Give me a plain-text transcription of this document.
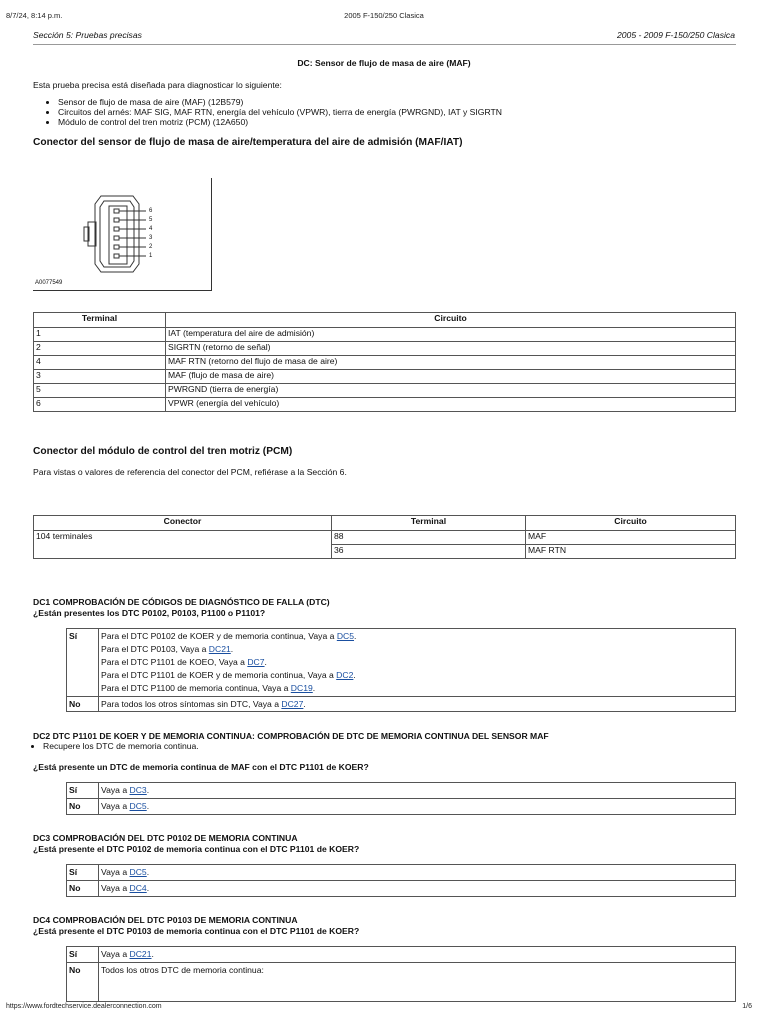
8/7/24, 8:14 p.m.	2005 F-150/250 Clasica
Sección 5: Pruebas precisas	2005 - 2009 F-150/250 Clasica
DC: Sensor de flujo de masa de aire (MAF)
Esta prueba precisa está diseñada para diagnosticar lo siguiente:
• Sensor de flujo de masa de aire (MAF) (12B579)
• Circuitos del arnés: MAF SIG, MAF RTN, energía del vehículo (VPWR), tierra de energía (PWRGND), IAT y SIGRTN
• Módulo de control del tren motriz (PCM) (12A650)
Conector del sensor de flujo de masa de aire/temperatura del aire de admisión (MAF/IAT)
6
5
4
3
2
1
A0077549
Terminal	Circuito
1	IAT (temperatura del aire de admisión)
2	SIGRTN (retorno de señal)
4	MAF RTN (retorno del flujo de masa de aire)
3	MAF (flujo de masa de aire)
5	PWRGND (tierra de energía)
6	VPWR (energía del vehículo)
Conector del módulo de control del tren motriz (PCM)
Para vistas o valores de referencia del conector del PCM, refiérase a la Sección 6.
Conector	Terminal	Circuito
104 terminales	88	MAF
	36	MAF RTN
DC1 COMPROBACIÓN DE CÓDIGOS DE DIAGNÓSTICO DE FALLA (DTC)
¿Están presentes los DTC P0102, P0103, P1100 o P1101?
Sí	Para el DTC P0102 de KOER y de memoria continua, Vaya a DC5.
Para el DTC P0103, Vaya a DC21.
Para el DTC P1101 de KOEO, Vaya a DC7.
Para el DTC P1101 de KOER y de memoria continua, Vaya a DC2.
Para el DTC P1100 de memoria continua, Vaya a DC19.

No	Para todos los otros síntomas sin DTC, Vaya a DC27.
DC2 DTC P1101 DE KOER Y DE MEMORIA CONTINUA: COMPROBACIÓN DE DTC DE MEMORIA CONTINUA DEL SENSOR MAF
• Recupere los DTC de memoria continua.
¿Está presente un DTC de memoria continua de MAF con el DTC P1101 de KOER?
Sí	Vaya a DC3.
No	Vaya a DC5.
DC3 COMPROBACIÓN DEL DTC P0102 DE MEMORIA CONTINUA
¿Está presente el DTC P0102 de memoria continua con el DTC P1101 de KOER?
Sí	Vaya a DC5.
No	Vaya a DC4.
DC4 COMPROBACIÓN DEL DTC P0103 DE MEMORIA CONTINUA
¿Está presente el DTC P0103 de memoria continua con el DTC P1101 de KOER?
Sí	Vaya a DC21.
No	Todos los otros DTC de memoria continua:
https://www.fordtechservice.dealerconnection.com	1/6
